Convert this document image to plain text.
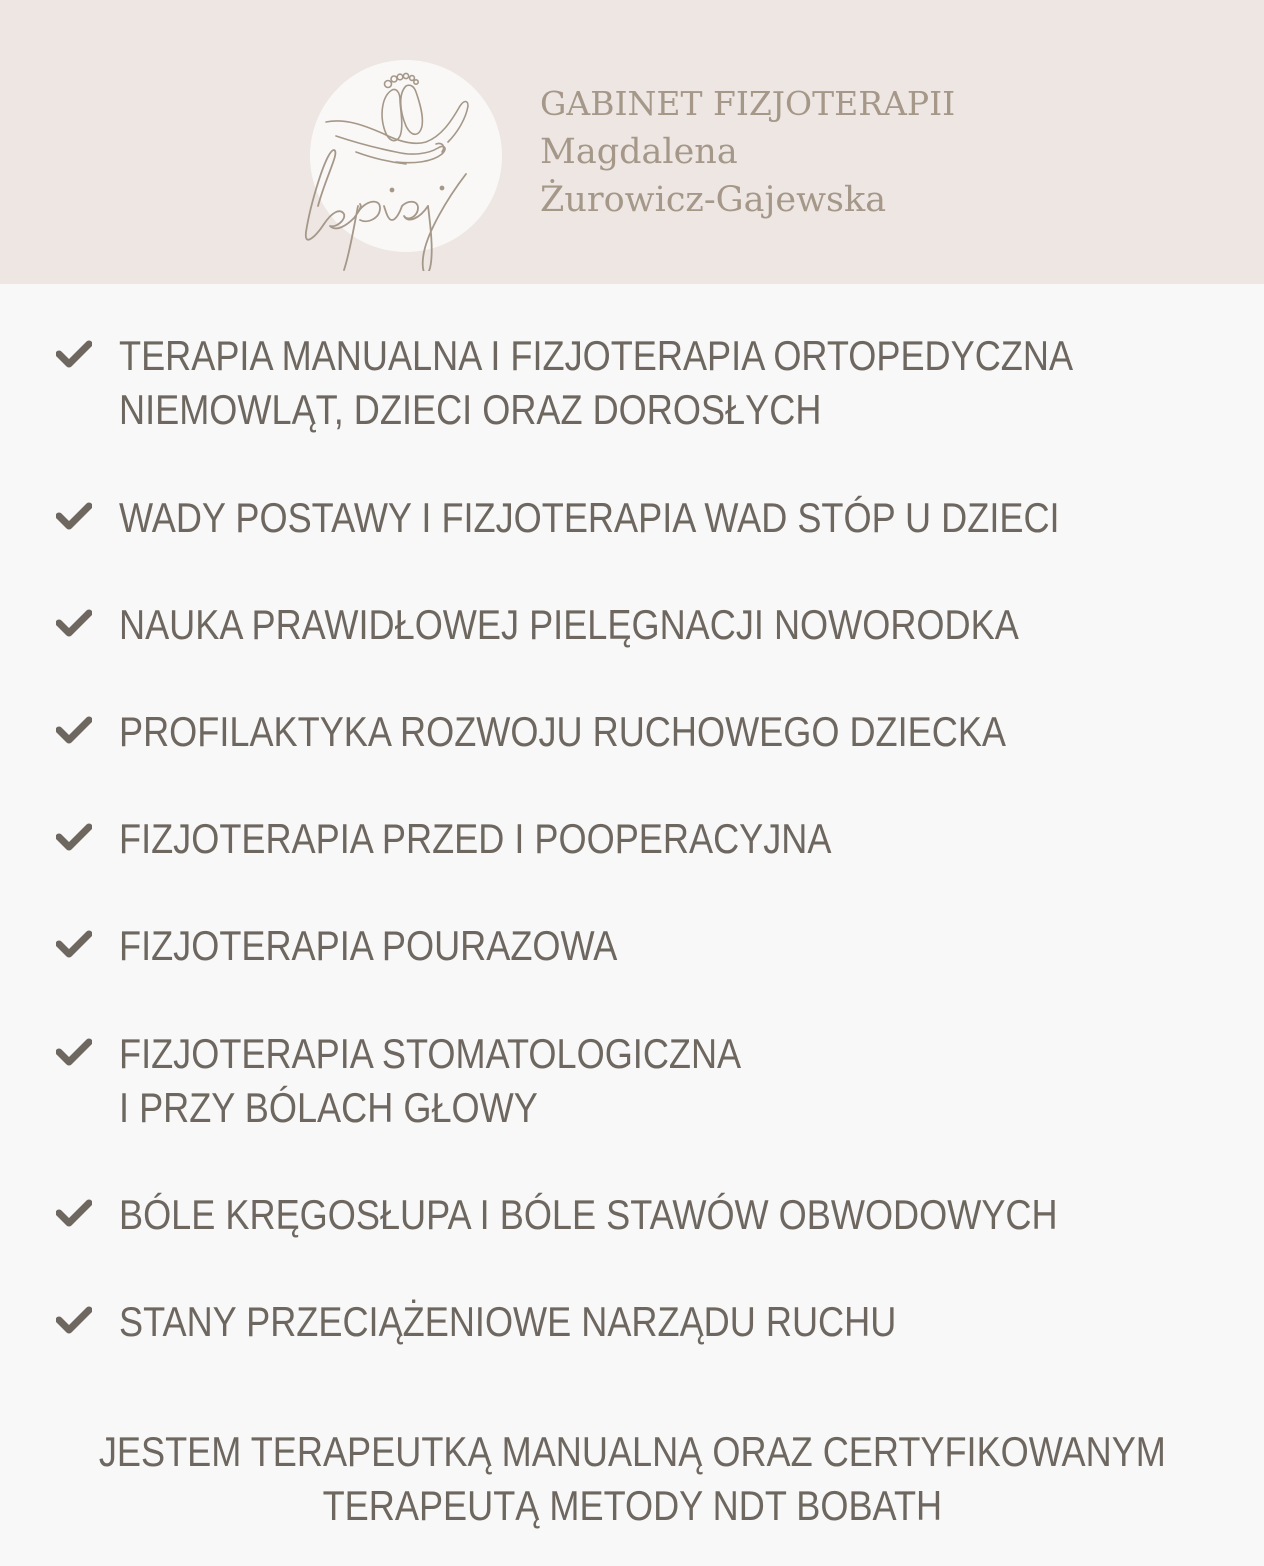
GABINET FIZJOTERAPII
Magdalena
Żurowicz-Gajewska
TERAPIA MANUALNA I FIZJOTERAPIA ORTOPEDYCZNA
NIEMOWLĄT, DZIECI ORAZ DOROSŁYCH
WADY POSTAWY I FIZJOTERAPIA WAD STÓP U DZIECI
NAUKA PRAWIDŁOWEJ PIELĘGNACJI NOWORODKA
PROFILAKTYKA ROZWOJU RUCHOWEGO DZIECKA
FIZJOTERAPIA PRZED I POOPERACYJNA
FIZJOTERAPIA POURAZOWA
FIZJOTERAPIA STOMATOLOGICZNA
I PRZY BÓLACH GŁOWY
BÓLE KRĘGOSŁUPA I BÓLE STAWÓW OBWODOWYCH
STANY PRZECIĄŻENIOWE NARZĄDU RUCHU
JESTEM TERAPEUTKĄ MANUALNĄ ORAZ CERTYFIKOWANYM
TERAPEUTĄ METODY NDT BOBATH
